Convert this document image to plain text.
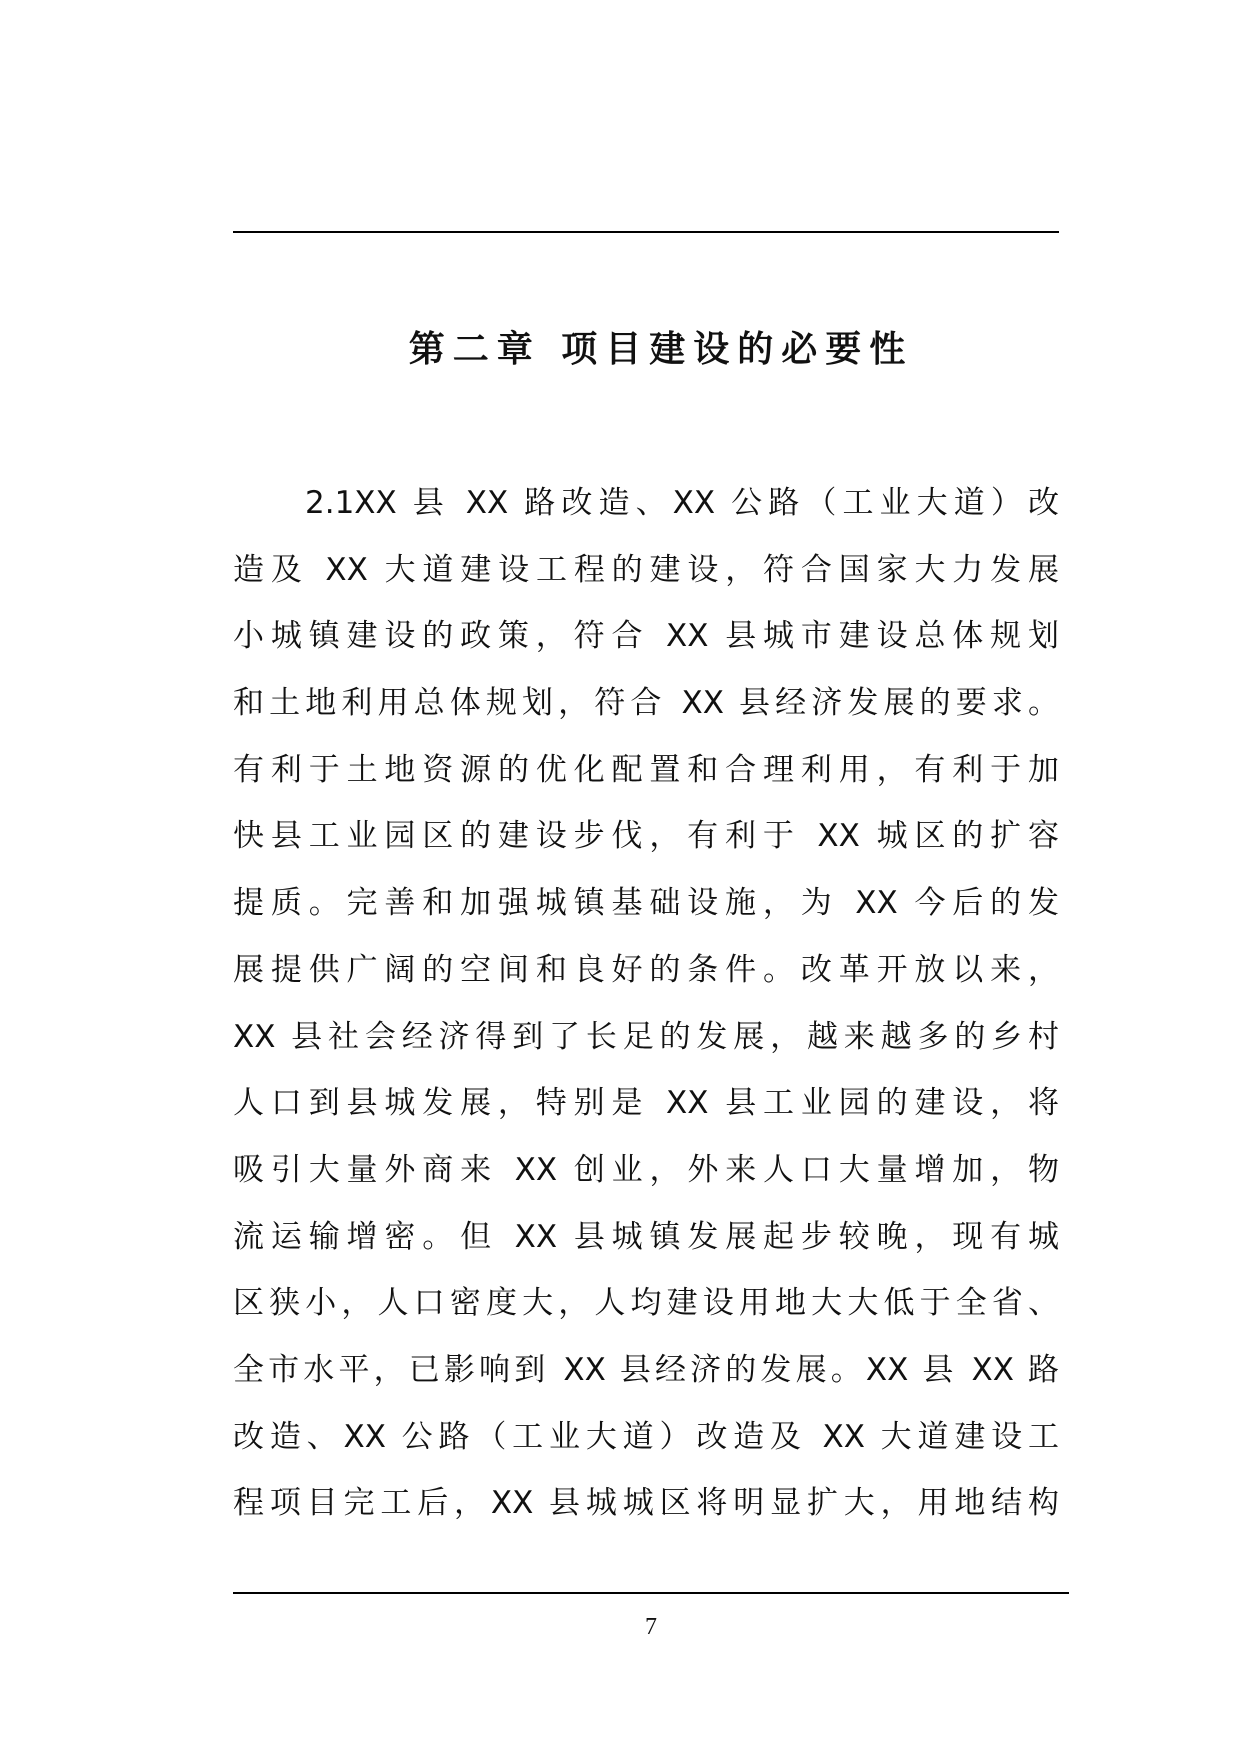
第二章 项目建设的必要性
2.1XX 县 XX 路改造、XX 公路（工业大道）改
造及 XX 大道建设工程的建设，符合国家大力发展
小城镇建设的政策，符合 XX 县城市建设总体规划
和土地利用总体规划，符合 XX 县经济发展的要求。
有利于土地资源的优化配置和合理利用，有利于加
快县工业园区的建设步伐，有利于 XX 城区的扩容
提质。完善和加强城镇基础设施，为 XX 今后的发
展提供广阔的空间和良好的条件。改革开放以来，
XX 县社会经济得到了长足的发展，越来越多的乡村
人口到县城发展，特别是 XX 县工业园的建设，将
吸引大量外商来 XX 创业，外来人口大量增加，物
流运输增密。但 XX 县城镇发展起步较晚，现有城
区狭小，人口密度大，人均建设用地大大低于全省、
全市水平，已影响到 XX 县经济的发展。XX 县 XX 路
改造、XX 公路（工业大道）改造及 XX 大道建设工
程项目完工后，XX 县城城区将明显扩大，用地结构
7
